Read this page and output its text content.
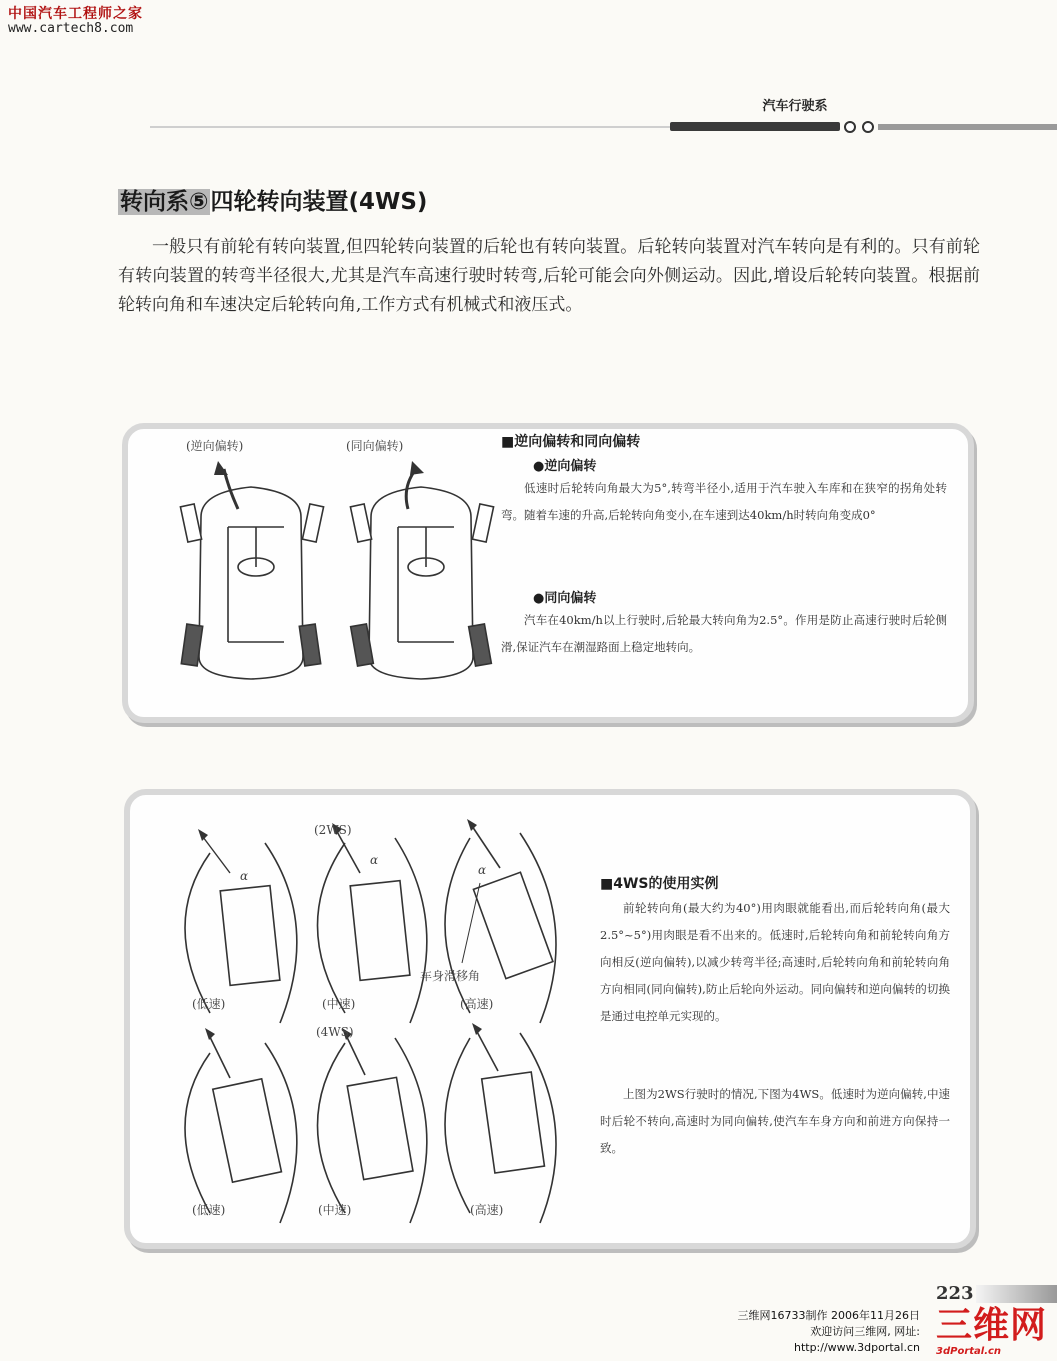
中国汽车工程师之家
www.cartech8.com
汽车行驶系
转向系⑤四轮转向装置(4WS)

一般只有前轮有转向装置,但四轮转向装置的后轮也有转向装置。后轮转向装置对汽车转向是有利的。只有前轮有转向装置的转弯半径很大,尤其是汽车高速行驶时转弯,后轮可能会向外侧运动。因此,增设后轮转向装置。根据前轮转向角和车速决定后轮转向角,工作方式有机械式和液压式。

(逆向偏转)	(同向偏转)	■逆向偏转和同向偏转
●逆向偏转

低速时后轮转向角最大为5°,转弯半径小,适用于汽车驶入车库和在狭窄的拐角处转弯。随着车速的升高,后轮转向角变小,在车速到达40km/h时转向角变成0°

●同向偏转

汽车在40km/h以上行驶时,后轮最大转向角为2.5°。作用是防止高速行驶时后轮侧滑,保证汽车在潮湿路面上稳定地转向。

(2WS)
α
α
α
车身滑移角
(低速)	(中速)	(高速)
(4WS)
(低速)	(中速)	(高速)
■4WS的使用实例

前轮转向角(最大约为40°)用肉眼就能看出,而后轮转向角(最大2.5°~5°)用肉眼是看不出来的。低速时,后轮转向角和前轮转向角方向相反(逆向偏转),以减少转弯半径;高速时,后轮转向角和前轮转向角方向相同(同向偏转),防止后轮向外运动。同向偏转和逆向偏转的切换是通过电控单元实现的。

上图为2WS行驶时的情况,下图为4WS。低速时为逆向偏转,中速时后轮不转向,高速时为同向偏转,使汽车车身方向和前进方向保持一致。

223
三维网16733制作 2006年11月26日
欢迎访问三维网, 网址:
http://www.3dportal.cn
三维网
3dPortal.cn
